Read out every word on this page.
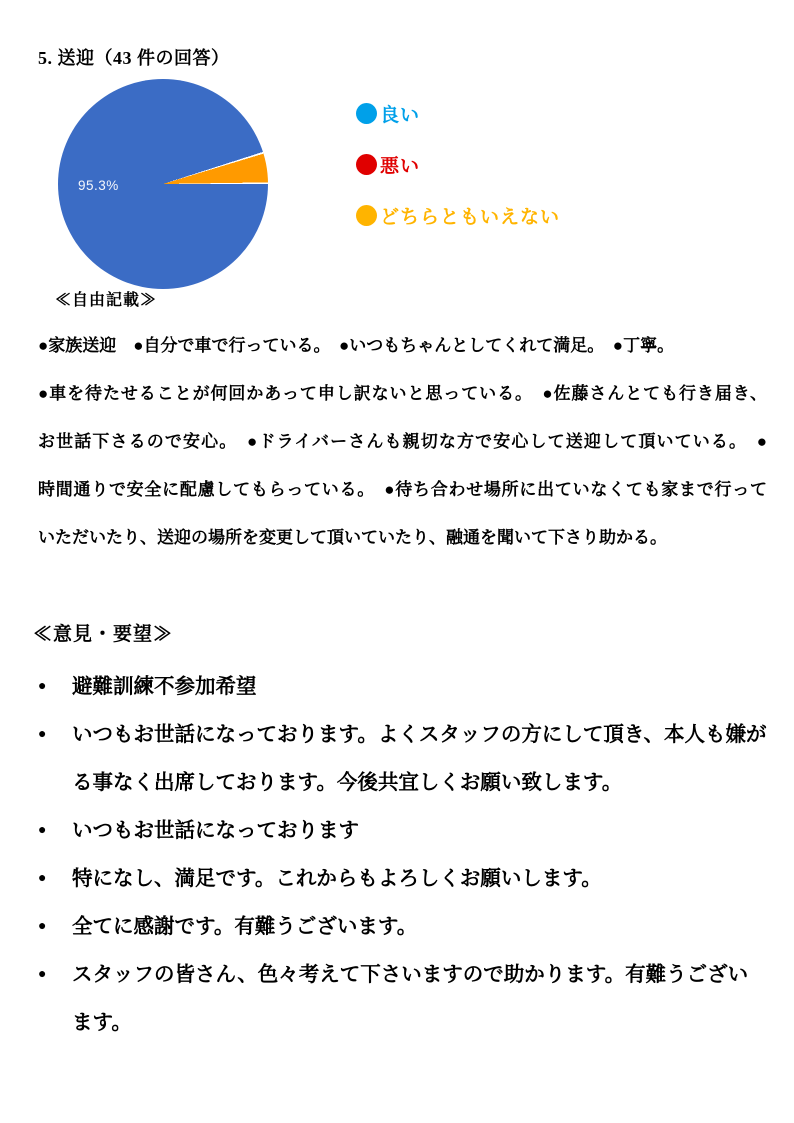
5. 送迎（43 件の回答）
95.3%
良い
悪い
どちらともいえない
≪自由記載≫
●家族送迎　●自分で車で行っている。　●いつもちゃんとしてくれて満足。　●丁寧。
●車を待たせることが何回かあって申し訳ないと思っている。　●佐藤さんとても行き届き、
お世話下さるので安心。　●ドライバーさんも親切な方で安心して送迎して頂いている。　●
時間通りで安全に配慮してもらっている。　●待ち合わせ場所に出ていなくても家まで行って
いただいたり、送迎の場所を変更して頂いていたり、融通を聞いて下さり助かる。
≪意見・要望≫
●	避難訓練不参加希望
●	いつもお世話になっております。よくスタッフの方にして頂き、本人も嫌がる事なく出席しております。今後共宜しくお願い致します。
●	いつもお世話になっております
●	特になし、満足です。これからもよろしくお願いします。
●	全てに感謝です。有難うございます。
●	スタッフの皆さん、色々考えて下さいますので助かります。有難うございます。
